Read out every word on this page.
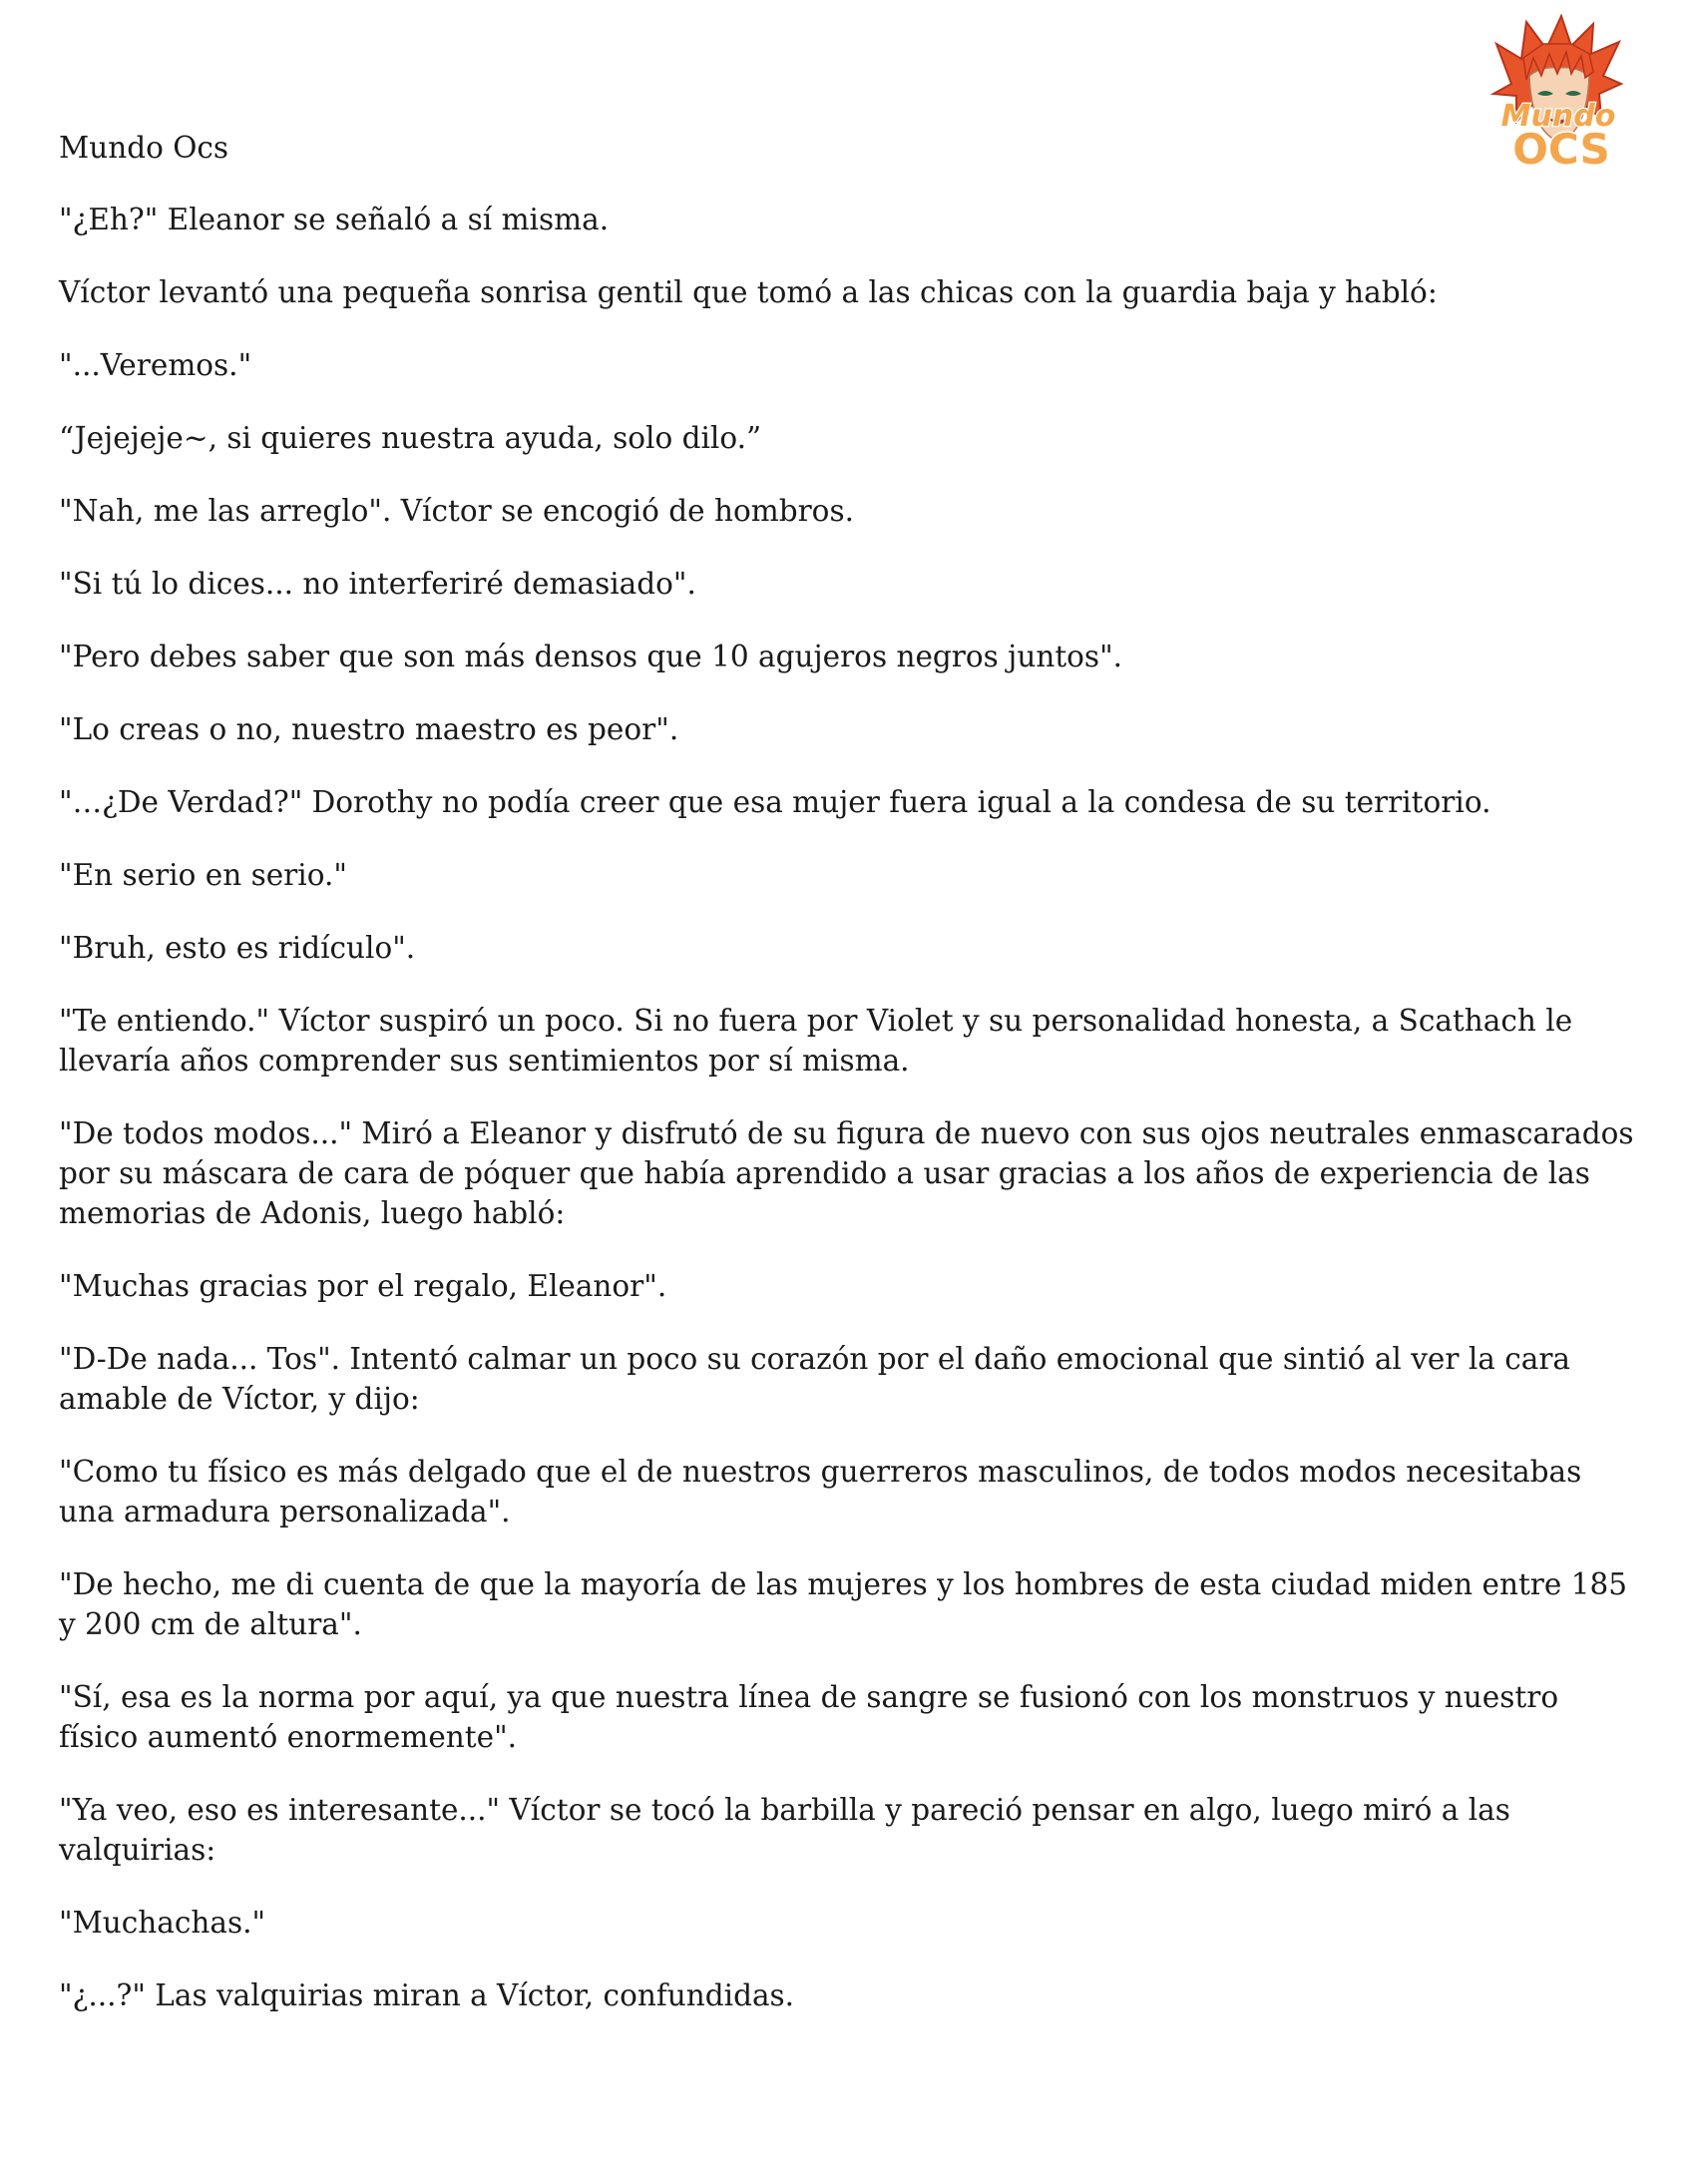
Mundo
OCS
Mundo Ocs

"¿Eh?" Eleanor se señaló a sí misma.

Víctor levantó una pequeña sonrisa gentil que tomó a las chicas con la guardia baja y habló:

"...Veremos."

“Jejejeje~, si quieres nuestra ayuda, solo dilo.”

"Nah, me las arreglo". Víctor se encogió de hombros.

"Si tú lo dices... no interferiré demasiado".

"Pero debes saber que son más densos que 10 agujeros negros juntos".

"Lo creas o no, nuestro maestro es peor".

"…¿De Verdad?" Dorothy no podía creer que esa mujer fuera igual a la condesa de su territorio.

"En serio en serio."

"Bruh, esto es ridículo".

"Te entiendo." Víctor suspiró un poco. Si no fuera por Violet y su personalidad honesta, a Scathach le llevaría años comprender sus sentimientos por sí misma.

"De todos modos..." Miró a Eleanor y disfrutó de su figura de nuevo con sus ojos neutrales enmascarados por su máscara de cara de póquer que había aprendido a usar gracias a los años de experiencia de las memorias de Adonis, luego habló:

"Muchas gracias por el regalo, Eleanor".

"D-De nada... Tos". Intentó calmar un poco su corazón por el daño emocional que sintió al ver la cara amable de Víctor, y dijo:

"Como tu físico es más delgado que el de nuestros guerreros masculinos, de todos modos necesitabas una armadura personalizada".

"De hecho, me di cuenta de que la mayoría de las mujeres y los hombres de esta ciudad miden entre 185 y 200 cm de altura".

"Sí, esa es la norma por aquí, ya que nuestra línea de sangre se fusionó con los monstruos y nuestro físico aumentó enormemente".

"Ya veo, eso es interesante..." Víctor se tocó la barbilla y pareció pensar en algo, luego miró a las valquirias:

"Muchachas."

"¿...?" Las valquirias miran a Víctor, confundidas.
